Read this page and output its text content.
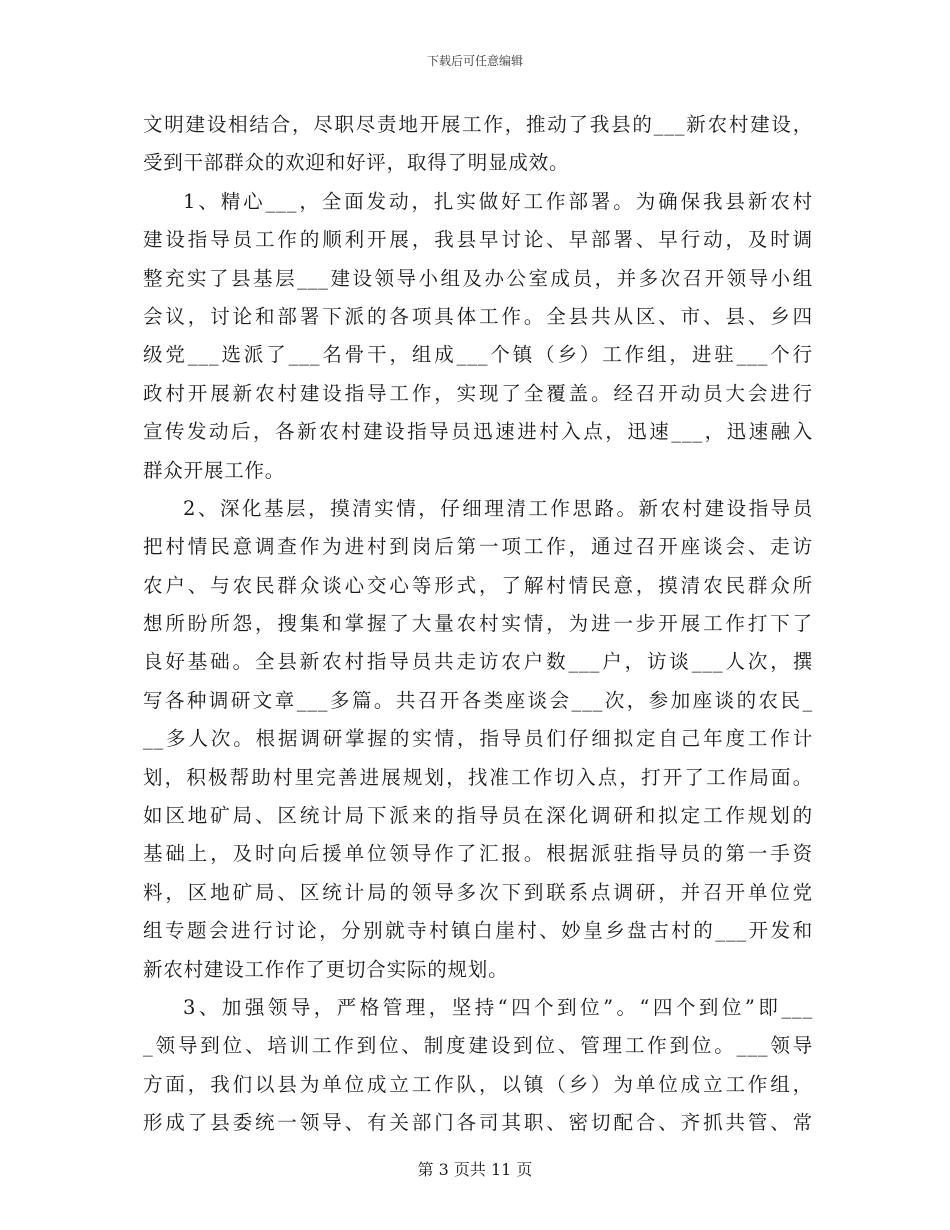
下载后可任意编辑
文明建设相结合，尽职尽责地开展工作，推动了我县的___新农村建设，
受到干部群众的欢迎和好评，取得了明显成效。
1、精心___，全面发动，扎实做好工作部署。为确保我县新农村
建设指导员工作的顺利开展，我县早讨论、早部署、早行动，及时调
整充实了县基层___建设领导小组及办公室成员，并多次召开领导小组
会议，讨论和部署下派的各项具体工作。全县共从区、市、县、乡四
级党___选派了___名骨干，组成___个镇（乡）工作组，进驻___个行
政村开展新农村建设指导工作，实现了全覆盖。经召开动员大会进行
宣传发动后，各新农村建设指导员迅速进村入点，迅速___，迅速融入
群众开展工作。
2、深化基层，摸清实情，仔细理清工作思路。新农村建设指导员
把村情民意调查作为进村到岗后第一项工作，通过召开座谈会、走访
农户、与农民群众谈心交心等形式，了解村情民意，摸清农民群众所
想所盼所怨，搜集和掌握了大量农村实情，为进一步开展工作打下了
良好基础。全县新农村指导员共走访农户数___户，访谈___人次，撰
写各种调研文章___多篇。共召开各类座谈会___次，参加座谈的农民_
__多人次。根据调研掌握的实情，指导员们仔细拟定自己年度工作计
划，积极帮助村里完善进展规划，找准工作切入点，打开了工作局面。
如区地矿局、区统计局下派来的指导员在深化调研和拟定工作规划的
基础上，及时向后援单位领导作了汇报。根据派驻指导员的第一手资
料，区地矿局、区统计局的领导多次下到联系点调研，并召开单位党
组专题会进行讨论，分别就寺村镇白崖村、妙皇乡盘古村的___开发和
新农村建设工作作了更切合实际的规划。
3、加强领导，严格管理，坚持“四个到位”。“四个到位”即___
_领导到位、培训工作到位、制度建设到位、管理工作到位。___领导
方面，我们以县为单位成立工作队，以镇（乡）为单位成立工作组，
形成了县委统一领导、有关部门各司其职、密切配合、齐抓共管、常
第 3 页共 11 页
